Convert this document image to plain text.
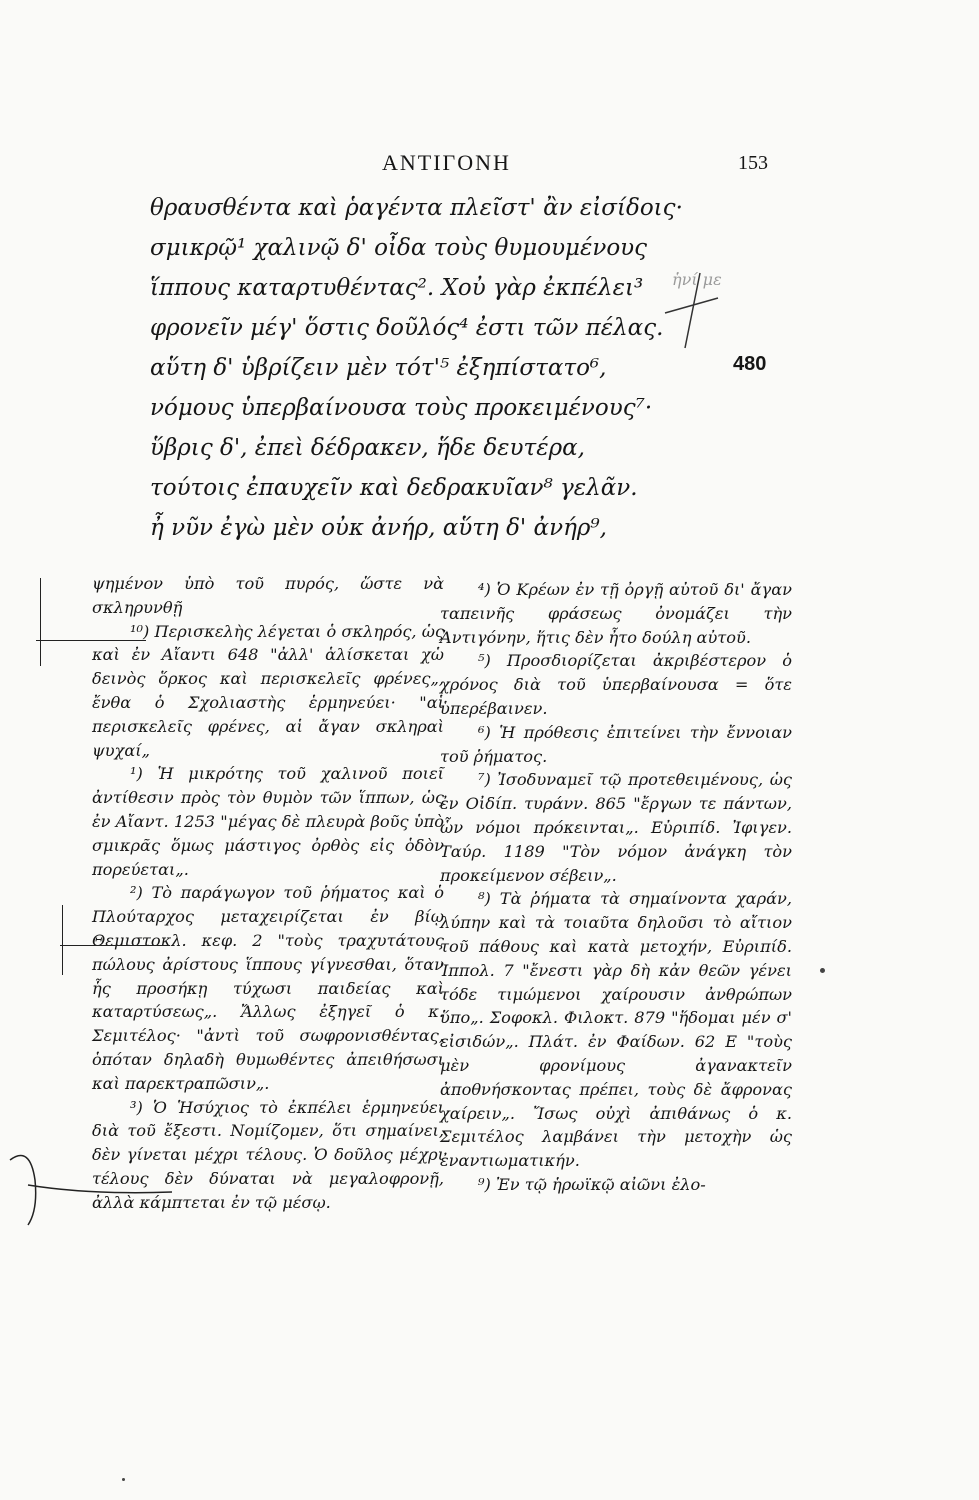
ΑΝΤΙΓΟΝΗ	153
θραυσθέντα καὶ ῥαγέντα πλεῖστ' ἂν εἰσίδοις·
σμικρῷ¹ χαλινῷ δ' οἶδα τοὺς θυμουμένους
ἵππους καταρτυθέντας². Χοὐ γὰρ ἐκπέλει³
φρονεῖν μέγ' ὅστις δοῦλός⁴ ἐστι τῶν πέλας.
αὕτη δ' ὑβρίζειν μὲν τότ'⁵ ἐξηπίστατο⁶,
νόμους ὑπερβαίνουσα τοὺς προκειμένους⁷·
ὕβρις δ', ἐπεὶ δέδρακεν, ἥδε δευτέρα,
τούτοις ἐπαυχεῖν καὶ δεδρακυῖαν⁸ γελᾶν.
ἦ νῦν ἐγὼ μὲν οὐκ ἀνήρ, αὕτη δ' ἀνήρ⁹,
480
ἡνί με

ψημένον ὑπὸ τοῦ πυρός, ὥστε νὰ σκληρυνθῇ

¹⁰) Περισκελὴς λέγεται ὁ σκληρός, ὡς καὶ ἐν Αἴαντι 648 "ἀλλ' ἁλίσκεται χὡ δεινὸς ὅρκος καὶ περισκελεῖς φρένες„, ἔνθα ὁ Σχολιαστὴς ἑρμηνεύει· "αἱ περισκελεῖς φρένες, αἱ ἄγαν σκληραὶ ψυχαί„

¹) Ἡ μικρότης τοῦ χαλινοῦ ποιεῖ ἀντίθεσιν πρὸς τὸν θυμὸν τῶν ἵππων, ὡς ἐν Αἴαντ. 1253 "μέγας δὲ πλευρὰ βοῦς ὑπὸ σμικρᾶς ὅμως μάστιγος ὀρθὸς εἰς ὁδὸν πορεύεται„.

²) Τὸ παράγωγον τοῦ ῥήματος καὶ ὁ Πλούταρχος μεταχειρίζεται ἐν βίῳ Θεμιστοκλ. κεφ. 2 "τοὺς τραχυτάτους πώλους ἀρίστους ἵππους γίγνεσθαι, ὅταν ἧς προσήκῃ τύχωσι παιδείας καὶ καταρτύσεως„. Ἄλλως ἐξηγεῖ ὁ κ. Σεμιτέλος· "ἀντὶ τοῦ σωφρονισθέντας, ὁπόταν δηλαδὴ θυμωθέντες ἀπειθήσωσι καὶ παρεκτραπῶσιν„.

³) Ὁ Ἡσύχιος τὸ ἐκπέλει ἑρμηνεύει διὰ τοῦ ἔξεστι. Νομίζομεν, ὅτι σημαίνει, δὲν γίνεται μέχρι τέλους. Ὁ δοῦλος μέχρι τέλους δὲν δύναται νὰ μεγαλοφρονῇ, ἀλλὰ κάμπτεται ἐν τῷ μέσῳ.

⁴) Ὁ Κρέων ἐν τῇ ὀργῇ αὐτοῦ δι' ἄγαν ταπεινῆς φράσεως ὀνομάζει τὴν Ἀντιγόνην, ἥτις δὲν ἦτο δούλη αὐτοῦ.

⁵) Προσδιορίζεται ἀκριβέστερον ὁ χρόνος διὰ τοῦ ὑπερβαίνουσα = ὅτε ὑπερέβαινεν.

⁶) Ἡ πρόθεσις ἐπιτείνει τὴν ἔννοιαν τοῦ ῥήματος.

⁷) Ἰσοδυναμεῖ τῷ προτεθειμένους, ὡς ἐν Οἰδίπ. τυράνν. 865 "ἔργων τε πάντων, ὧν νόμοι πρόκεινται„. Εὐριπίδ. Ἰφιγεν. Ταύρ. 1189 "Τὸν νόμον ἀνάγκη τὸν προκείμενον σέβειν„.

⁸) Τὰ ῥήματα τὰ σημαίνοντα χαράν, λύπην καὶ τὰ τοιαῦτα δηλοῦσι τὸ αἴτιον τοῦ πάθους καὶ κατὰ μετοχήν, Εὐριπίδ. Ἱππολ. 7 "ἔνεστι γὰρ δὴ κἀν θεῶν γένει τόδε τιμώμενοι χαίρουσιν ἀνθρώπων ὕπο„. Σοφοκλ. Φιλοκτ. 879 "ἥδομαι μέν σ' εἰσιδών„. Πλάτ. ἐν Φαίδων. 62 Ε "τοὺς μὲν φρονίμους ἀγανακτεῖν ἀποθνήσκοντας πρέπει, τοὺς δὲ ἄφρονας χαίρειν„. Ἴσως οὐχὶ ἀπιθάνως ὁ κ. Σεμιτέλος λαμβάνει τὴν μετοχὴν ὡς ἐναντιωματικήν.

⁹) Ἐν τῷ ἡρωϊκῷ αἰῶνι ἐλο-
